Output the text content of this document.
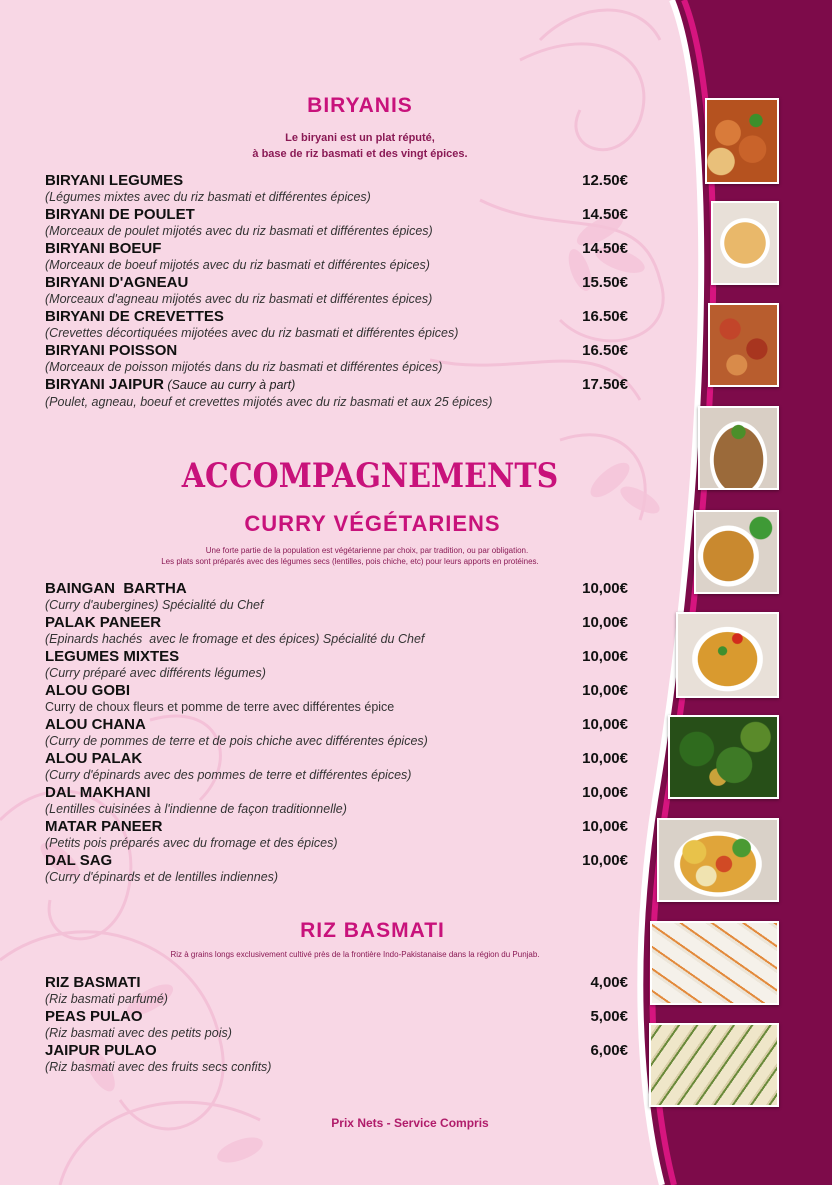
BIRYANIS
Le biryani est un plat réputé,
à base de riz basmati et des vingt épices.
BIRYANI LEGUMES	12.50€
(Légumes mixtes avec du riz basmati et différentes épices)
BIRYANI DE POULET	14.50€
(Morceaux de poulet mijotés avec du riz basmati et différentes épices)
BIRYANI BOEUF	14.50€
(Morceaux de boeuf mijotés avec du riz basmati et différentes épices)
BIRYANI D'AGNEAU	15.50€
(Morceaux d'agneau mijotés avec du riz basmati et différentes épices)
BIRYANI DE CREVETTES	16.50€
(Crevettes décortiquées mijotées avec du riz basmati et différentes épices)
BIRYANI POISSON	16.50€
(Morceaux de poisson mijotés dans du riz basmati et différentes épices)
BIRYANI JAIPUR (Sauce au curry à part)	17.50€
(Poulet, agneau, boeuf et crevettes mijotés avec du riz basmati et aux 25 épices)
ACCOMPAGNEMENTS
CURRY VÉGÉTARIENS
Une forte partie de la population est végétarienne par choix, par tradition, ou par obligation.
Les plats sont préparés avec des légumes secs (lentilles, pois chiche, etc) pour leurs apports en protéines.
BAINGAN  BARTHA	10,00€
(Curry d'aubergines) Spécialité du Chef
PALAK PANEER	10,00€
(Epinards hachés  avec le fromage et des épices) Spécialité du Chef
LEGUMES MIXTES	10,00€
(Curry préparé avec différents légumes)
ALOU GOBI	10,00€
Curry de choux fleurs et pomme de terre avec différentes épice
ALOU CHANA	10,00€
(Curry de pommes de terre et de pois chiche avec différentes épices)
ALOU PALAK	10,00€
(Curry d'épinards avec des pommes de terre et différentes épices)
DAL MAKHANI	10,00€
(Lentilles cuisinées à l'indienne de façon traditionnelle)
MATAR PANEER	10,00€
(Petits pois préparés avec du fromage et des épices)
DAL SAG	10,00€
(Curry d'épinards et de lentilles indiennes)
RIZ BASMATI
Riz à grains longs exclusivement cultivé près de la frontière Indo-Pakistanaise dans la région du Punjab.
RIZ BASMATI	4,00€
(Riz basmati parfumé)
PEAS PULAO	5,00€
(Riz basmati avec des petits pois)
JAIPUR PULAO	6,00€
(Riz basmati avec des fruits secs confits)
Prix Nets - Service Compris
